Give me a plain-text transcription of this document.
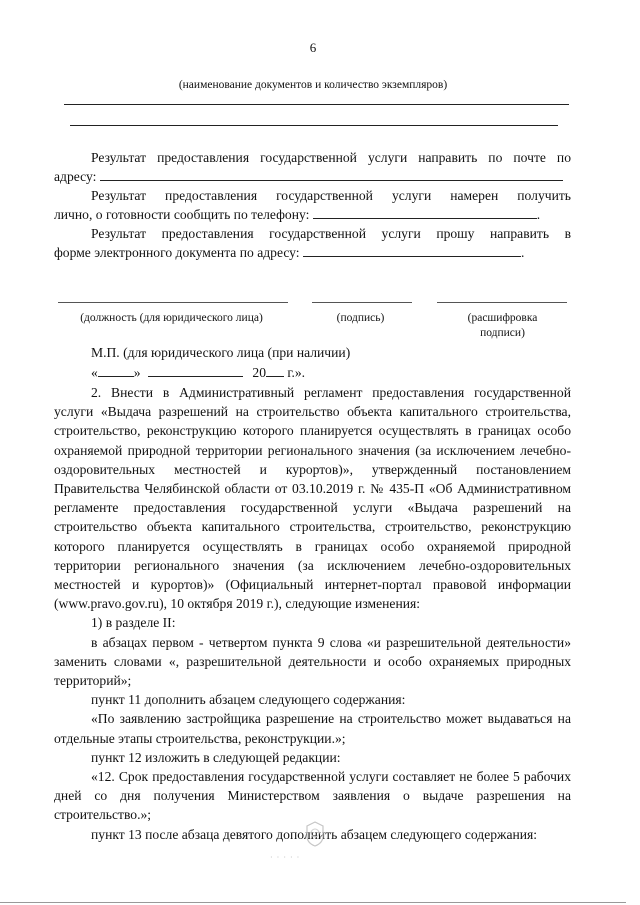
6
(наименование документов и количество экземпляров)
Результат предоставления государственной услуги направить по почте по
адресу:
Результат предоставления государственной услуги намерен получить
лично, о готовности сообщить по телефону:	.
Результат предоставления государственной услуги прошу направить в
форме электронного документа по адресу:	.
(должность (для юридического лица)	(подпись)	(расшифровка
подписи)
М.П. (для юридического лица (при наличии)
«	»	20 г.».

2. Внести в Административный регламент предоставления государственной услуги «Выдача разрешений на строительство объекта капитального строительства, строительство, реконструкцию которого планируется осуществлять в границах особо охраняемой природной территории регионального значения (за исключением лечебно-оздоровительных местностей и курортов)», утвержденный постановлением Правительства Челябинской области от 03.10.2019 г. № 435-П «Об Административном регламенте предоставления государственной услуги «Выдача разрешений на строительство объекта капитального строительства, строительство, реконструкцию которого планируется осуществлять в границах особо охраняемой природной территории регионального значения (за исключением лечебно-оздоровительных местностей и курортов)» (Официальный интернет-портал правовой информации (www.pravo.gov.ru), 10 октября 2019 г.), следующие изменения:

1) в разделе II:

в абзацах первом - четвертом пункта 9 слова «и разрешительной деятельности» заменить словами «, разрешительной деятельности и особо охраняемых природных территорий»;

пункт 11 дополнить абзацем следующего содержания:

«По заявлению застройщика разрешение на строительство может выдаваться на отдельные этапы строительства, реконструкции.»;

пункт 12 изложить в следующей редакции:

«12. Срок предоставления государственной услуги составляет не более 5 рабочих дней со дня получения Министерством заявления о выдаче разрешения на строительство.»;

пункт 13 после абзаца девятого дополнить абзацем следующего содержания:

· · · · ·
